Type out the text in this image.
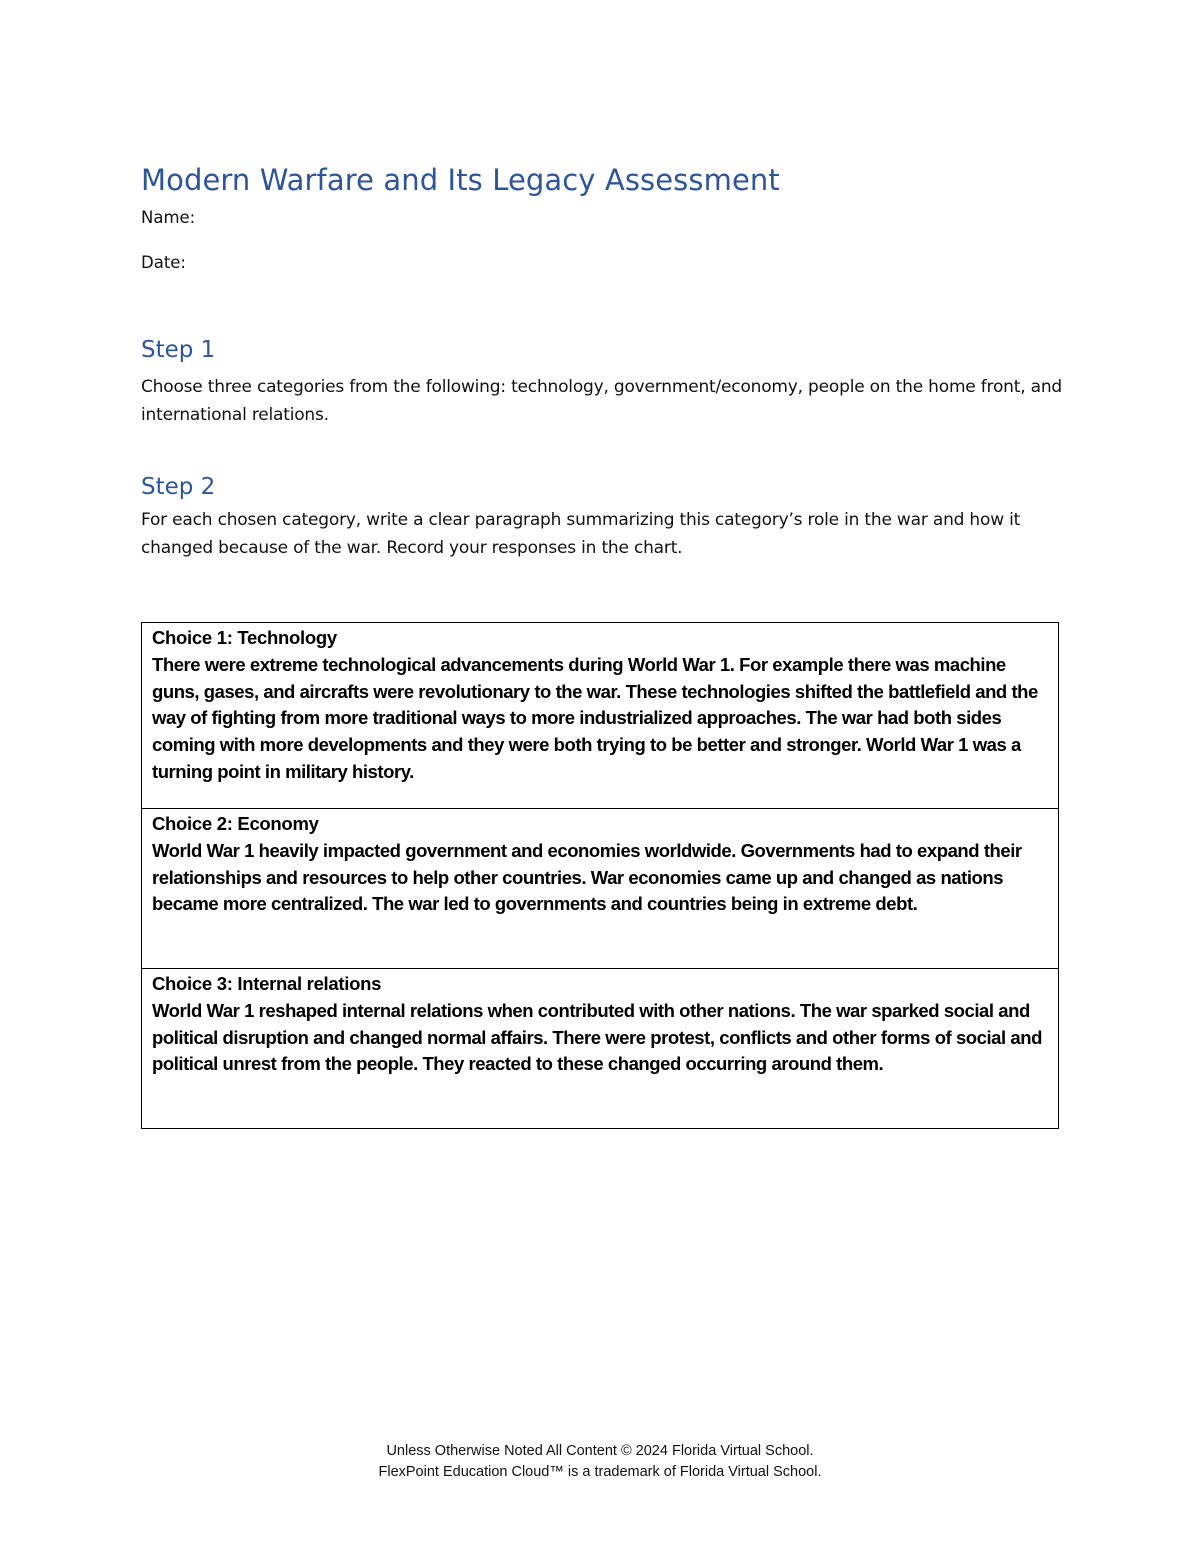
Modern Warfare and Its Legacy Assessment

Name:

Date:

Step 1

Choose three categories from the following: technology, government/economy, people on the home front, and international relations.

Step 2

For each chosen category, write a clear paragraph summarizing this category’s role in the war and how it changed because of the war. Record your responses in the chart.

Choice 1: Technology
There were extreme technological advancements during World War 1. For example there was machine guns, gases, and aircrafts were revolutionary to the war. These technologies shifted the battlefield and the way of fighting from more traditional ways to more industrialized approaches. The war had both sides coming with more developments and they were both trying to be better and stronger. World War 1 was a turning point in military history.

Choice 2: Economy
World War 1 heavily impacted government and economies worldwide. Governments had to expand their relationships and resources to help other countries. War economies came up and changed as nations became more centralized. The war led to governments and countries being in extreme debt.

Choice 3: Internal relations
World War 1 reshaped internal relations when contributed with other nations. The war sparked social and political disruption and changed normal affairs. There were protest, conflicts and other forms of social and political unrest from the people. They reacted to these changed occurring around them.

Unless Otherwise Noted All Content © 2024 Florida Virtual School.

FlexPoint Education Cloud™ is a trademark of Florida Virtual School.
